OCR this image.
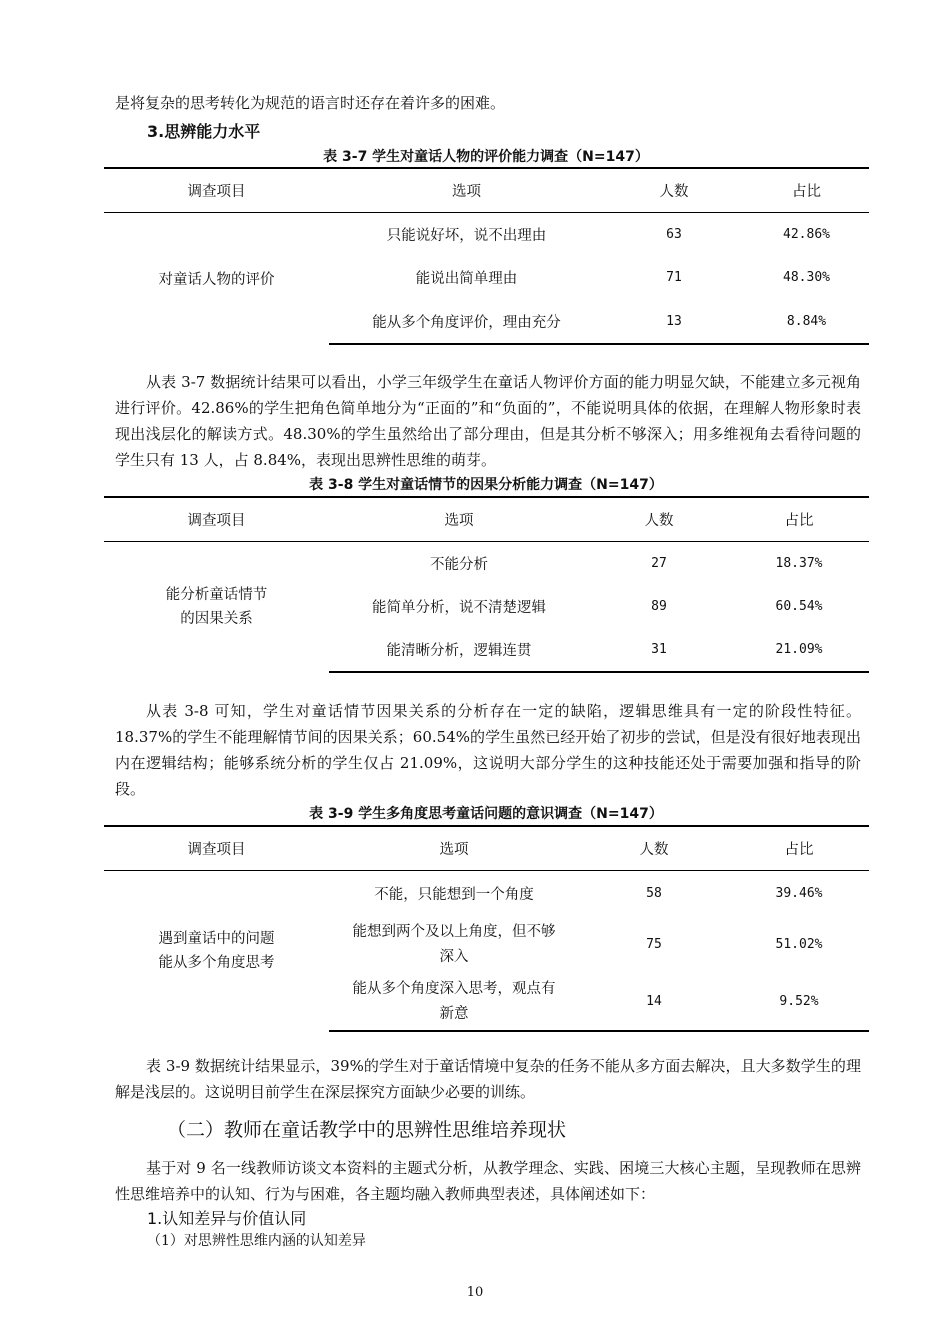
是将复杂的思考转化为规范的语言时还存在着许多的困难。

3.思辨能力水平

表 3-7 学生对童话人物的评价能力调查（N=147）

调查项目	选项	人数	占比
对童话人物的评价	只能说好坏，说不出理由	63	42.86%
	能说出简单理由	71	48.30%
	能从多个角度评价，理由充分	13	8.84%

从表 3-7 数据统计结果可以看出，小学三年级学生在童话人物评价方面的能力明显欠缺，不能建立多元视角进行评价。42.86%的学生把角色简单地分为“正面的”和“负面的”，不能说明具体的依据，在理解人物形象时表现出浅层化的解读方式。48.30%的学生虽然给出了部分理由，但是其分析不够深入；用多维视角去看待问题的学生只有 13 人，占 8.84%，表现出思辨性思维的萌芽。

表 3-8 学生对童话情节的因果分析能力调查（N=147）

调查项目	选项	人数	占比
能分析童话情节
的因果关系	不能分析	27	18.37%
	能简单分析，说不清楚逻辑	89	60.54%
	能清晰分析，逻辑连贯	31	21.09%

从表 3-8 可知，学生对童话情节因果关系的分析存在一定的缺陷，逻辑思维具有一定的阶段性特征。18.37%的学生不能理解情节间的因果关系；60.54%的学生虽然已经开始了初步的尝试，但是没有很好地表现出内在逻辑结构；能够系统分析的学生仅占 21.09%，这说明大部分学生的这种技能还处于需要加强和指导的阶段。

表 3-9 学生多角度思考童话问题的意识调查（N=147）

调查项目	选项	人数	占比
遇到童话中的问题
能从多个角度思考	不能，只能想到一个角度	58	39.46%
	能想到两个及以上角度，但不够
深入	75	51.02%
	能从多个角度深入思考，观点有
新意	14	9.52%

表 3-9 数据统计结果显示，39%的学生对于童话情境中复杂的任务不能从多方面去解决，且大多数学生的理解是浅层的。这说明目前学生在深层探究方面缺少必要的训练。

（二）教师在童话教学中的思辨性思维培养现状

基于对 9 名一线教师访谈文本资料的主题式分析，从教学理念、实践、困境三大核心主题，呈现教师在思辨性思维培养中的认知、行为与困难，各主题均融入教师典型表述，具体阐述如下：

1.认知差异与价值认同

（1）对思辨性思维内涵的认知差异

10
